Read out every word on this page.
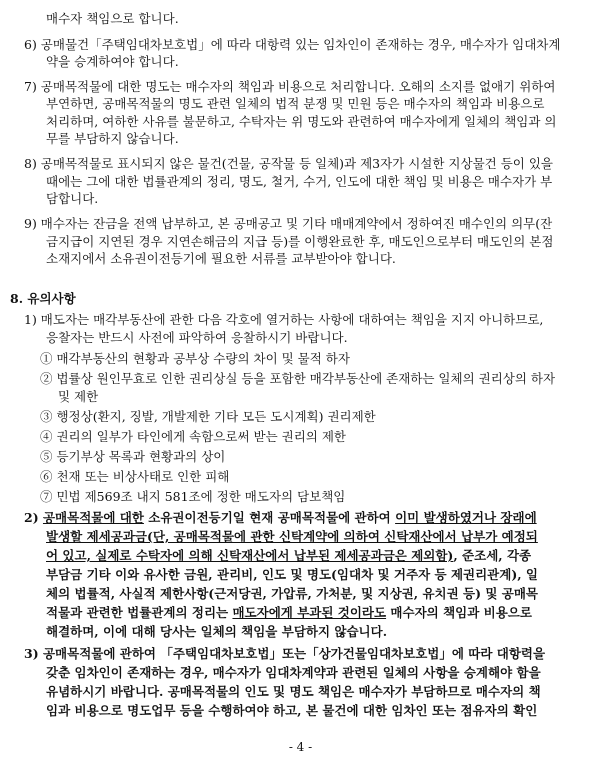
매수자 책임으로 합니다.
6) 공매물건「주택임대차보호법」에 따라 대항력 있는 임차인이 존재하는 경우, 매수자가 임대차계
약을 승계하여야 합니다.
7) 공매목적물에 대한 명도는 매수자의 책임과 비용으로 처리합니다. 오해의 소지를 없애기 위하여
부연하면, 공매목적물의 명도 관련 일체의 법적 분쟁 및 민원 등은 매수자의 책임과 비용으로
처리하며, 여하한 사유를 불문하고, 수탁자는 위 명도와 관련하여 매수자에게 일체의 책임과 의
무를 부담하지 않습니다.
8) 공매목적물로 표시되지 않은 물건(건물, 공작물 등 일체)과 제3자가 시설한 지상물건 등이 있을
때에는 그에 대한 법률관계의 정리, 명도, 철거, 수거, 인도에 대한 책임 및 비용은 매수자가 부
담합니다.
9) 매수자는 잔금을 전액 납부하고, 본 공매공고 및 기타 매매계약에서 정하여진 매수인의 의무(잔
금지급이 지연된 경우 지연손해금의 지급 등)를 이행완료한 후, 매도인으로부터 매도인의 본점
소재지에서 소유권이전등기에 필요한 서류를 교부받아야 합니다.
8. 유의사항
1) 매도자는 매각부동산에 관한 다음 각호에 열거하는 사항에 대하여는 책임을 지지 아니하므로,
응찰자는 반드시 사전에 파악하여 응찰하시기 바랍니다.
① 매각부동산의 현황과 공부상 수량의 차이 및 물적 하자
② 법률상 원인무효로 인한 권리상실 등을 포함한 매각부동산에 존재하는 일체의 권리상의 하자
및 제한
③ 행정상(환지, 징발, 개발제한 기타 모든 도시계획) 권리제한
④ 권리의 일부가 타인에게 속함으로써 받는 권리의 제한
⑤ 등기부상 목록과 현황과의 상이
⑥ 천재 또는 비상사태로 인한 피해
⑦ 민법 제569조 내지 581조에 정한 매도자의 담보책임
2) 공매목적물에 대한 소유권이전등기일 현재 공매목적물에 관하여 이미 발생하였거나 장래에
발생할 제세공과금(단, 공매목적물에 관한 신탁계약에 의하여 신탁재산에서 납부가 예정되
어 있고, 실제로 수탁자에 의해 신탁재산에서 납부된 제세공과금은 제외함), 준조세, 각종
부담금 기타 이와 유사한 금원, 관리비, 인도 및 명도(임대차 및 거주자 등 제권리관계), 일
체의 법률적, 사실적 제한사항(근저당권, 가압류, 가처분, 및 지상권, 유치권 등) 및 공매목
적물과 관련한 법률관계의 정리는 매도자에게 부과된 것이라도 매수자의 책임과 비용으로
해결하며, 이에 대해 당사는 일체의 책임을 부담하지 않습니다.
3) 공매목적물에 관하여 「주택임대차보호법」또는「상가건물임대차보호법」에 따라 대항력을
갖춘 임차인이 존재하는 경우, 매수자가 임대차계약과 관련된 일체의 사항을 승계해야 함을
유념하시기 바랍니다. 공매목적물의 인도 및 명도 책임은 매수자가 부담하므로 매수자의 책
임과 비용으로 명도업무 등을 수행하여야 하고, 본 물건에 대한 임차인 또는 점유자의 확인
- 4 -
